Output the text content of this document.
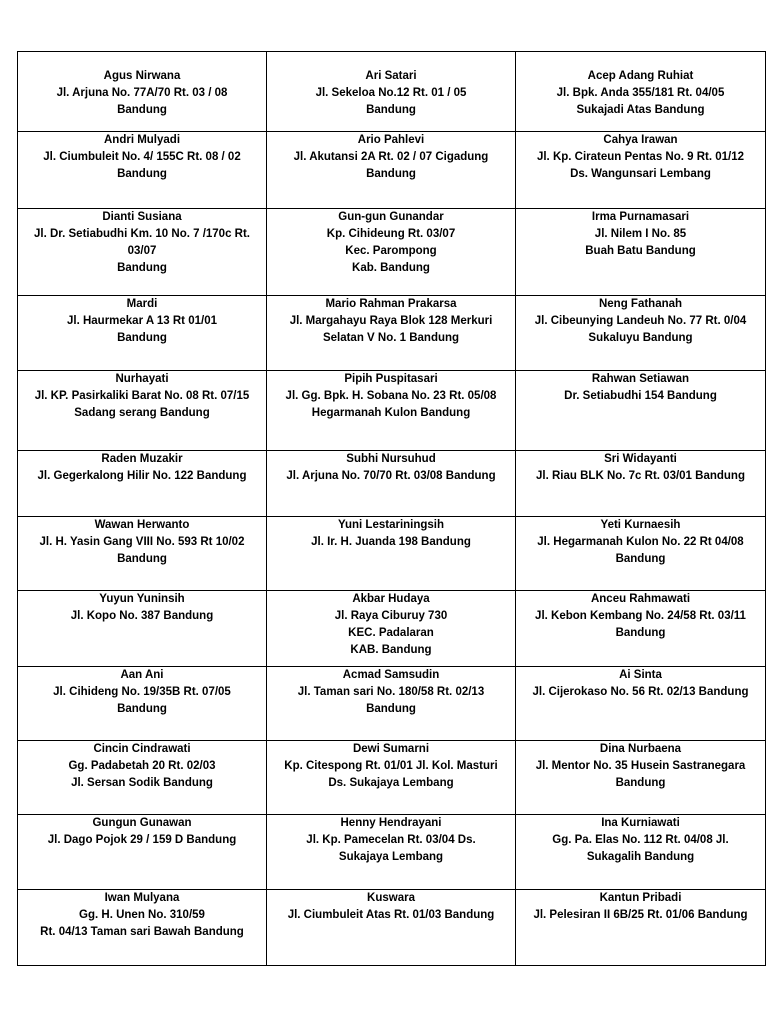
Agus Nirwana
Jl. Arjuna No. 77A/70 Rt. 03 / 08
Bandung	Ari Satari
Jl. Sekeloa No.12 Rt. 01 / 05
Bandung	Acep Adang Ruhiat
Jl. Bpk. Anda 355/181 Rt. 04/05
Sukajadi Atas Bandung

Andri Mulyadi
Jl. Ciumbuleit No. 4/ 155C Rt. 08 / 02
Bandung	Ario Pahlevi
Jl. Akutansi 2A Rt. 02 / 07 Cigadung
Bandung	Cahya Irawan
Jl. Kp. Cirateun Pentas No. 9 Rt. 01/12
Ds. Wangunsari Lembang

Dianti Susiana
Jl. Dr. Setiabudhi Km. 10 No. 7 /170c Rt.
03/07
Bandung	Gun-gun Gunandar
Kp. Cihideung Rt. 03/07
Kec. Parompong
Kab. Bandung	Irma Purnamasari
Jl. Nilem I No. 85
Buah Batu Bandung

Mardi
Jl. Haurmekar A 13 Rt 01/01
Bandung	Mario Rahman Prakarsa
Jl. Margahayu Raya Blok 128 Merkuri
Selatan V No. 1 Bandung	Neng Fathanah
Jl. Cibeunying Landeuh No. 77 Rt. 0/04
Sukaluyu Bandung

Nurhayati
Jl. KP. Pasirkaliki Barat No. 08 Rt. 07/15
Sadang serang Bandung	Pipih Puspitasari
Jl. Gg. Bpk. H. Sobana No. 23 Rt. 05/08
Hegarmanah Kulon Bandung	Rahwan Setiawan
Dr. Setiabudhi 154 Bandung

Raden Muzakir
Jl. Gegerkalong Hilir No. 122 Bandung	Subhi Nursuhud
Jl. Arjuna No. 70/70 Rt. 03/08 Bandung	Sri Widayanti
Jl. Riau BLK No. 7c Rt. 03/01 Bandung

Wawan Herwanto
Jl. H. Yasin Gang VIII No. 593 Rt 10/02
Bandung	Yuni Lestariningsih
Jl. Ir. H. Juanda 198 Bandung	Yeti Kurnaesih
Jl. Hegarmanah Kulon No. 22 Rt 04/08
Bandung

Yuyun Yuninsih
Jl. Kopo No. 387 Bandung	Akbar Hudaya
Jl. Raya Ciburuy 730
KEC. Padalaran
KAB. Bandung	Anceu Rahmawati
Jl. Kebon Kembang No. 24/58 Rt. 03/11
Bandung

Aan Ani
Jl. Cihideng No. 19/35B Rt. 07/05
Bandung	Acmad Samsudin
Jl. Taman sari No. 180/58 Rt. 02/13
Bandung	Ai Sinta
Jl. Cijerokaso No. 56 Rt. 02/13 Bandung

Cincin Cindrawati
Gg. Padabetah 20 Rt. 02/03
Jl. Sersan Sodik Bandung	Dewi Sumarni
Kp. Citespong Rt. 01/01 Jl. Kol. Masturi
Ds. Sukajaya Lembang	Dina Nurbaena
Jl. Mentor No. 35 Husein Sastranegara
Bandung

Gungun Gunawan
Jl. Dago Pojok 29 / 159 D Bandung	Henny Hendrayani
Jl. Kp. Pamecelan Rt. 03/04 Ds.
Sukajaya Lembang	Ina Kurniawati
Gg. Pa. Elas No. 112 Rt. 04/08 Jl.
Sukagalih Bandung

Iwan Mulyana
Gg. H. Unen No. 310/59
Rt. 04/13 Taman sari Bawah Bandung	Kuswara
Jl. Ciumbuleit Atas Rt. 01/03 Bandung	Kantun Pribadi
Jl. Pelesiran II 6B/25 Rt. 01/06 Bandung
